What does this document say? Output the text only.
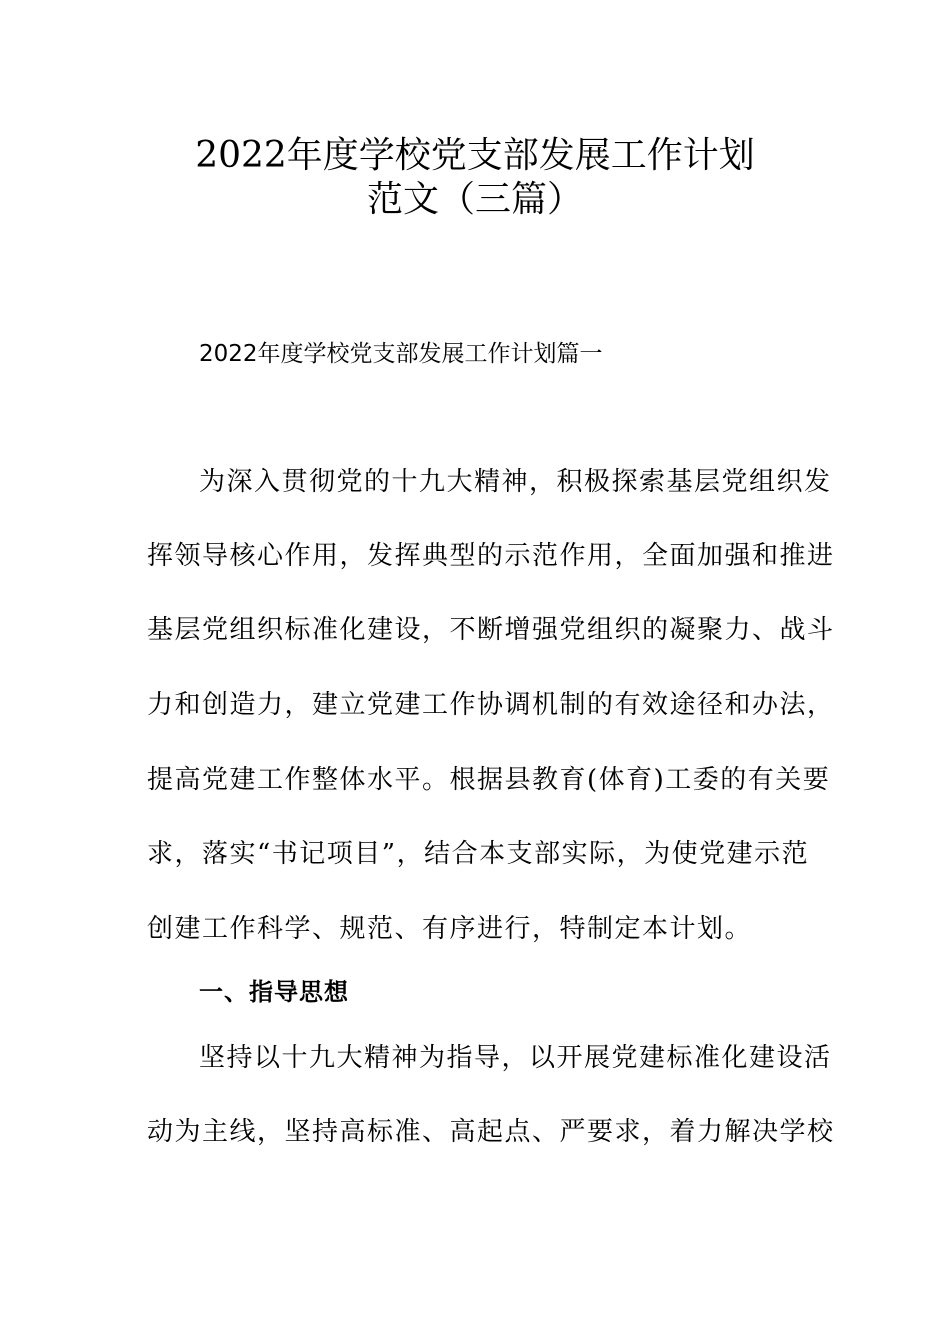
2022年度学校党支部发展工作计划
范文（三篇）
2022年度学校党支部发展工作计划篇一

为深入贯彻党的十九大精神，积极探索基层党组织发

挥领导核心作用，发挥典型的示范作用，全面加强和推进

基层党组织标准化建设，不断增强党组织的凝聚力、战斗

力和创造力，建立党建工作协调机制的有效途径和办法，

提高党建工作整体水平。根据县教育(体育)工委的有关要

求，落实“书记项目”，结合本支部实际，为使党建示范

创建工作科学、规范、有序进行，特制定本计划。

一、指导思想

坚持以十九大精神为指导，以开展党建标准化建设活

动为主线，坚持高标准、高起点、严要求，着力解决学校
